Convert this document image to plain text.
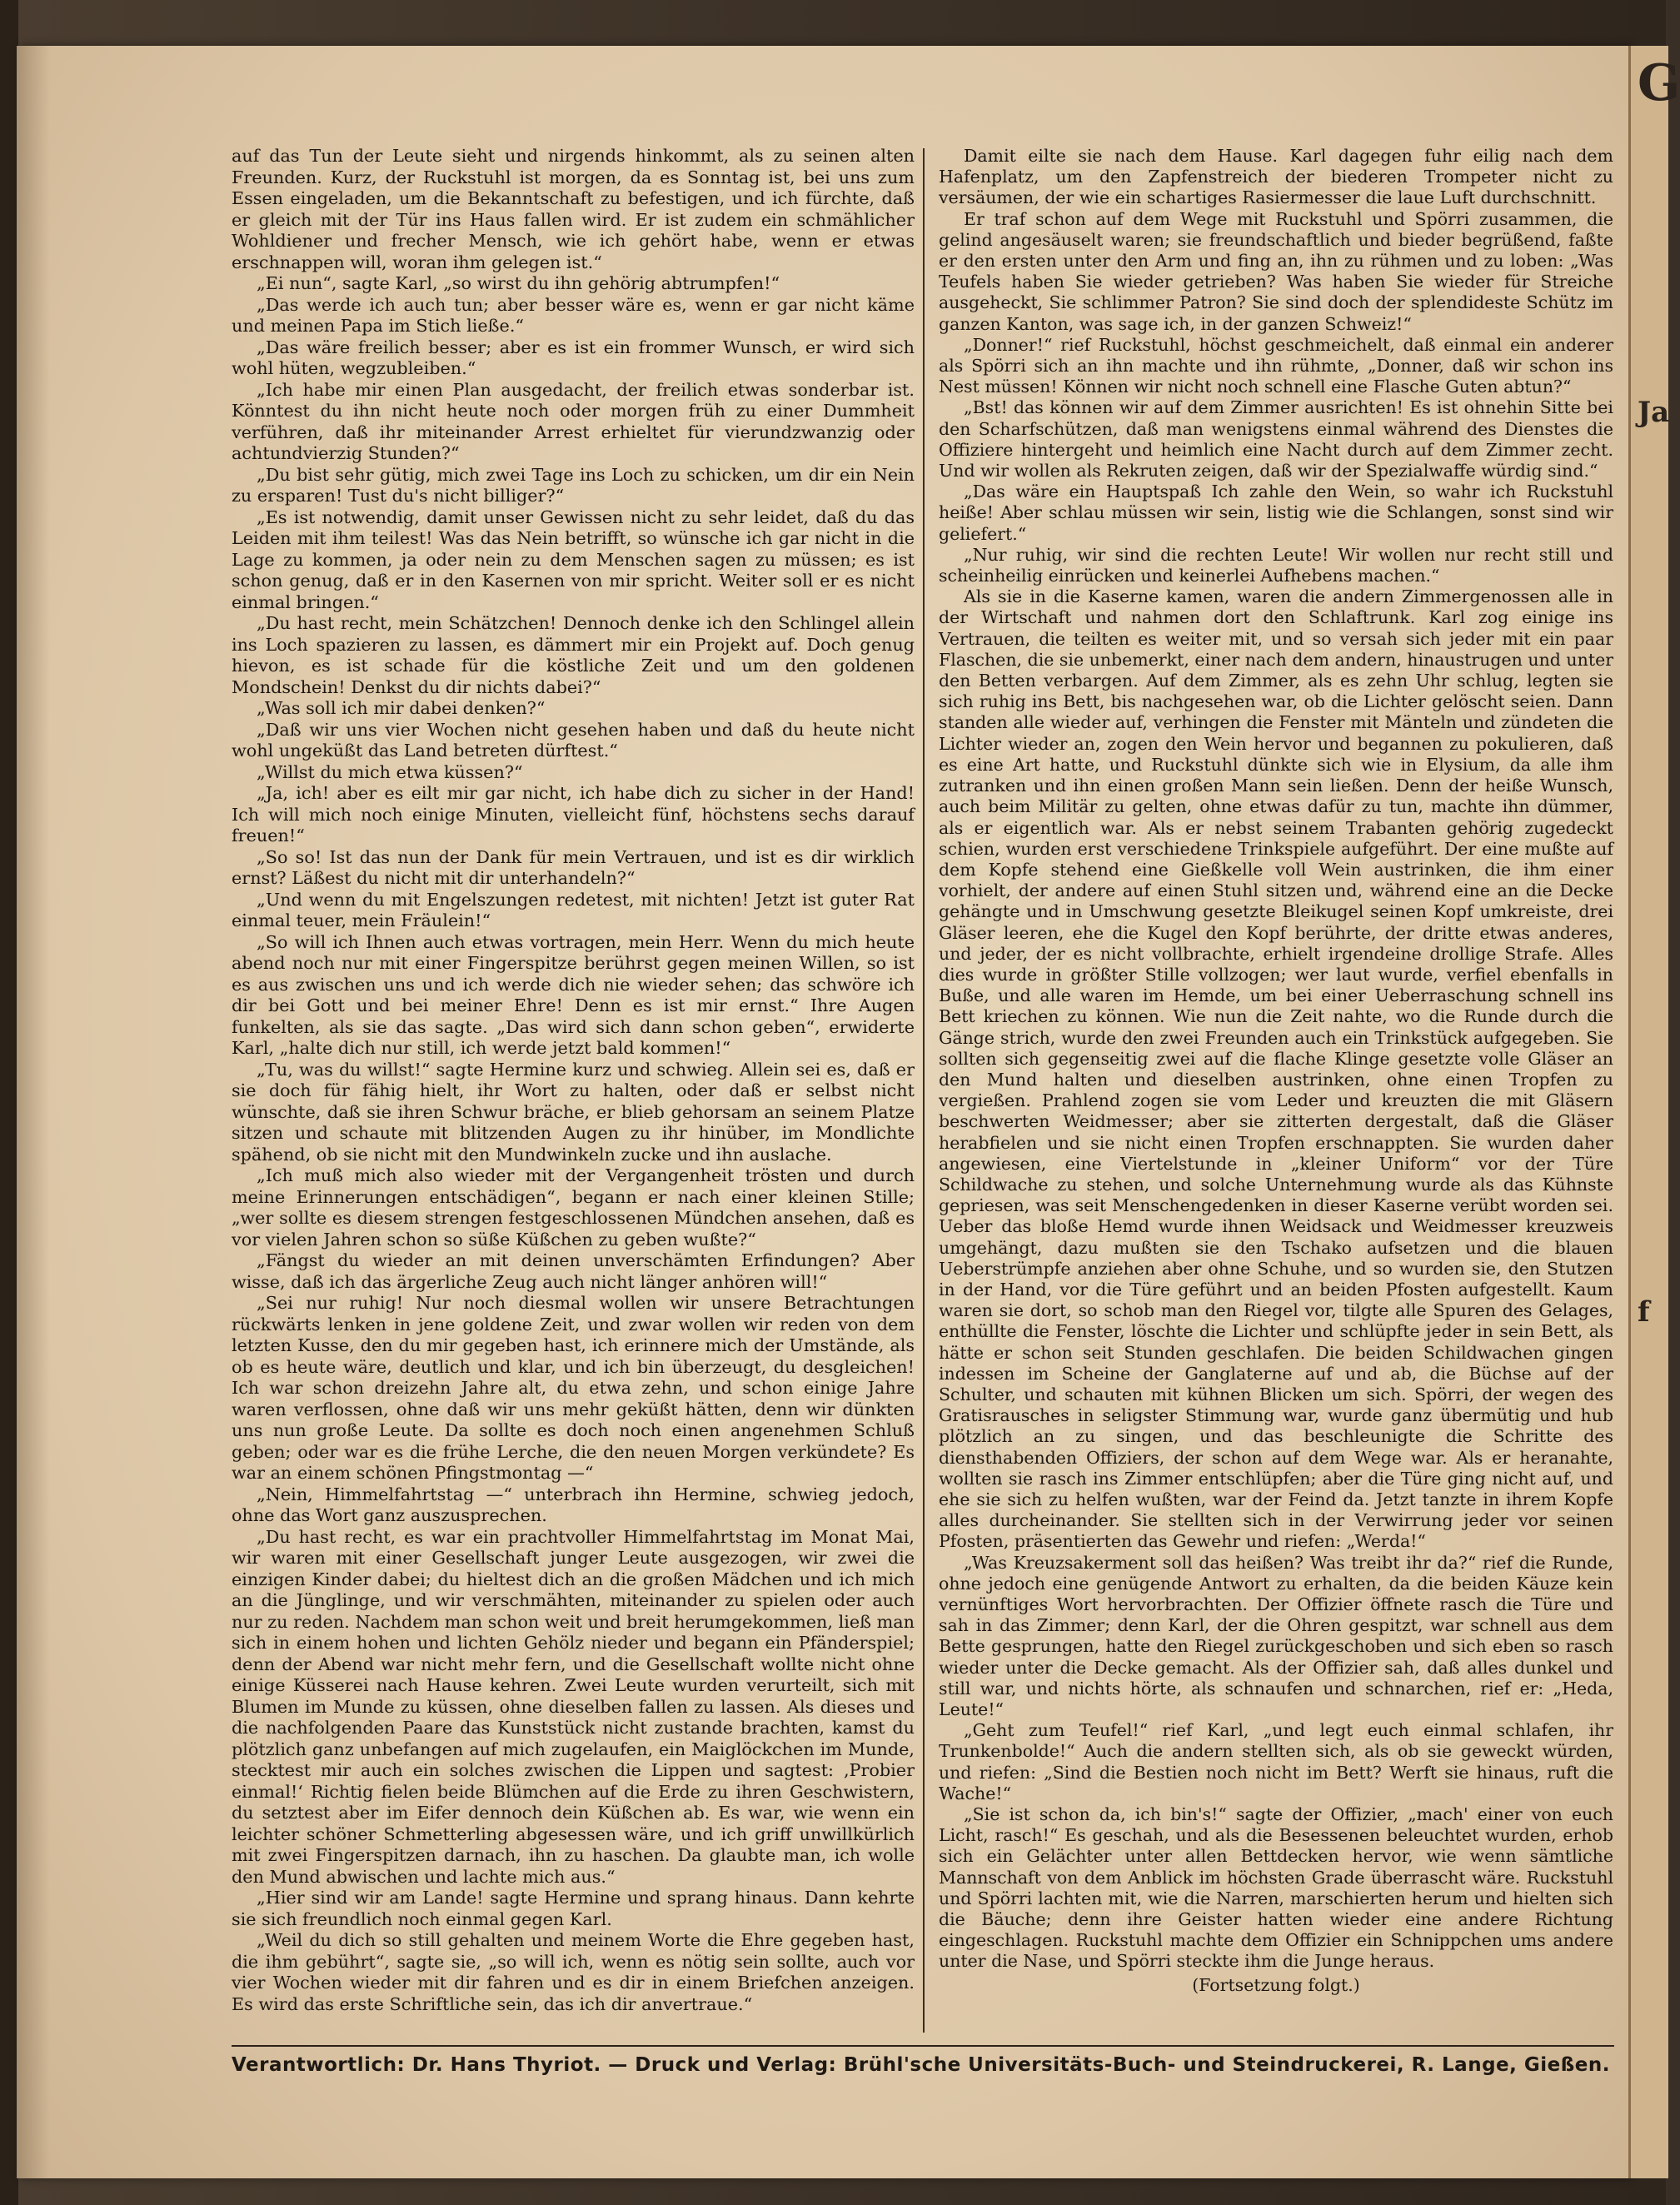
G
Ja
f

auf das Tun der Leute sieht und nirgends hinkommt, als zu seinen alten Freunden. Kurz, der Ruckstuhl ist morgen, da es Sonntag ist, bei uns zum Essen eingeladen, um die Bekanntschaft zu befestigen, und ich fürchte, daß er gleich mit der Tür ins Haus fallen wird. Er ist zudem ein schmählicher Wohldiener und frecher Mensch, wie ich gehört habe, wenn er etwas erschnappen will, woran ihm gelegen ist.“

„Ei nun“, sagte Karl, „so wirst du ihn gehörig abtrumpfen!“

„Das werde ich auch tun; aber besser wäre es, wenn er gar nicht käme und meinen Papa im Stich ließe.“

„Das wäre freilich besser; aber es ist ein frommer Wunsch, er wird sich wohl hüten, wegzubleiben.“

„Ich habe mir einen Plan ausgedacht, der freilich etwas sonderbar ist. Könntest du ihn nicht heute noch oder morgen früh zu einer Dummheit verführen, daß ihr miteinander Arrest erhieltet für vierundzwanzig oder achtundvierzig Stunden?“

„Du bist sehr gütig, mich zwei Tage ins Loch zu schicken, um dir ein Nein zu ersparen! Tust du's nicht billiger?“

„Es ist notwendig, damit unser Gewissen nicht zu sehr leidet, daß du das Leiden mit ihm teilest! Was das Nein betrifft, so wünsche ich gar nicht in die Lage zu kommen, ja oder nein zu dem Menschen sagen zu müssen; es ist schon genug, daß er in den Kasernen von mir spricht. Weiter soll er es nicht einmal bringen.“

„Du hast recht, mein Schätzchen! Dennoch denke ich den Schlingel allein ins Loch spazieren zu lassen, es dämmert mir ein Projekt auf. Doch genug hievon, es ist schade für die köstliche Zeit und um den goldenen Mondschein! Denkst du dir nichts dabei?“

„Was soll ich mir dabei denken?“

„Daß wir uns vier Wochen nicht gesehen haben und daß du heute nicht wohl ungeküßt das Land betreten dürftest.“

„Willst du mich etwa küssen?“

„Ja, ich! aber es eilt mir gar nicht, ich habe dich zu sicher in der Hand! Ich will mich noch einige Minuten, vielleicht fünf, höchstens sechs darauf freuen!“

„So so! Ist das nun der Dank für mein Vertrauen, und ist es dir wirklich ernst? Läßest du nicht mit dir unterhandeln?“

„Und wenn du mit Engelszungen redetest, mit nichten! Jetzt ist guter Rat einmal teuer, mein Fräulein!“

„So will ich Ihnen auch etwas vortragen, mein Herr. Wenn du mich heute abend noch nur mit einer Fingerspitze berührst gegen meinen Willen, so ist es aus zwischen uns und ich werde dich nie wieder sehen; das schwöre ich dir bei Gott und bei meiner Ehre! Denn es ist mir ernst.“ Ihre Augen funkelten, als sie das sagte. „Das wird sich dann schon geben“, erwiderte Karl, „halte dich nur still, ich werde jetzt bald kommen!“

„Tu, was du willst!“ sagte Hermine kurz und schwieg. Allein sei es, daß er sie doch für fähig hielt, ihr Wort zu halten, oder daß er selbst nicht wünschte, daß sie ihren Schwur bräche, er blieb gehorsam an seinem Platze sitzen und schaute mit blitzenden Augen zu ihr hinüber, im Mondlichte spähend, ob sie nicht mit den Mundwinkeln zucke und ihn auslache.

„Ich muß mich also wieder mit der Vergangenheit trösten und durch meine Erinnerungen entschädigen“, begann er nach einer kleinen Stille; „wer sollte es diesem strengen festgeschlossenen Mündchen ansehen, daß es vor vielen Jahren schon so süße Küßchen zu geben wußte?“

„Fängst du wieder an mit deinen unverschämten Erfindungen? Aber wisse, daß ich das ärgerliche Zeug auch nicht länger anhören will!“

„Sei nur ruhig! Nur noch diesmal wollen wir unsere Betrachtungen rückwärts lenken in jene goldene Zeit, und zwar wollen wir reden von dem letzten Kusse, den du mir gegeben hast, ich erinnere mich der Umstände, als ob es heute wäre, deutlich und klar, und ich bin überzeugt, du desgleichen! Ich war schon dreizehn Jahre alt, du etwa zehn, und schon einige Jahre waren verflossen, ohne daß wir uns mehr geküßt hätten, denn wir dünkten uns nun große Leute. Da sollte es doch noch einen angenehmen Schluß geben; oder war es die frühe Lerche, die den neuen Morgen verkündete? Es war an einem schönen Pfingstmontag —“

„Nein, Himmelfahrtstag —“ unterbrach ihn Hermine, schwieg jedoch, ohne das Wort ganz auszusprechen.

„Du hast recht, es war ein prachtvoller Himmelfahrtstag im Monat Mai, wir waren mit einer Gesellschaft junger Leute ausgezogen, wir zwei die einzigen Kinder dabei; du hieltest dich an die großen Mädchen und ich mich an die Jünglinge, und wir verschmähten, miteinander zu spielen oder auch nur zu reden. Nachdem man schon weit und breit herumgekommen, ließ man sich in einem hohen und lichten Gehölz nieder und begann ein Pfänderspiel; denn der Abend war nicht mehr fern, und die Gesellschaft wollte nicht ohne einige Küsserei nach Hause kehren. Zwei Leute wurden verurteilt, sich mit Blumen im Munde zu küssen, ohne dieselben fallen zu lassen. Als dieses und die nachfolgenden Paare das Kunststück nicht zustande brachten, kamst du plötzlich ganz unbefangen auf mich zugelaufen, ein Maiglöckchen im Munde, stecktest mir auch ein solches zwischen die Lippen und sagtest: ‚Probier einmal!‘ Richtig fielen beide Blümchen auf die Erde zu ihren Geschwistern, du setztest aber im Eifer dennoch dein Küßchen ab. Es war, wie wenn ein leichter schöner Schmetterling abgesessen wäre, und ich griff unwillkürlich mit zwei Fingerspitzen darnach, ihn zu haschen. Da glaubte man, ich wolle den Mund abwischen und lachte mich aus.“

„Hier sind wir am Lande! sagte Hermine und sprang hinaus. Dann kehrte sie sich freundlich noch einmal gegen Karl.

„Weil du dich so still gehalten und meinem Worte die Ehre gegeben hast, die ihm gebührt“, sagte sie, „so will ich, wenn es nötig sein sollte, auch vor vier Wochen wieder mit dir fahren und es dir in einem Briefchen anzeigen. Es wird das erste Schriftliche sein, das ich dir anvertraue.“

Damit eilte sie nach dem Hause. Karl dagegen fuhr eilig nach dem Hafenplatz, um den Zapfenstreich der biederen Trompeter nicht zu versäumen, der wie ein schartiges Rasiermesser die laue Luft durchschnitt.

Er traf schon auf dem Wege mit Ruckstuhl und Spörri zusammen, die gelind angesäuselt waren; sie freundschaftlich und bieder begrüßend, faßte er den ersten unter den Arm und fing an, ihn zu rühmen und zu loben: „Was Teufels haben Sie wieder getrieben? Was haben Sie wieder für Streiche ausgeheckt, Sie schlimmer Patron? Sie sind doch der splendideste Schütz im ganzen Kanton, was sage ich, in der ganzen Schweiz!“

„Donner!“ rief Ruckstuhl, höchst geschmeichelt, daß einmal ein anderer als Spörri sich an ihn machte und ihn rühmte, „Donner, daß wir schon ins Nest müssen! Können wir nicht noch schnell eine Flasche Guten abtun?“

„Bst! das können wir auf dem Zimmer ausrichten! Es ist ohnehin Sitte bei den Scharfschützen, daß man wenigstens einmal während des Dienstes die Offiziere hintergeht und heimlich eine Nacht durch auf dem Zimmer zecht. Und wir wollen als Rekruten zeigen, daß wir der Spezialwaffe würdig sind.“

„Das wäre ein Hauptspaß Ich zahle den Wein, so wahr ich Ruckstuhl heiße! Aber schlau müssen wir sein, listig wie die Schlangen, sonst sind wir geliefert.“

„Nur ruhig, wir sind die rechten Leute! Wir wollen nur recht still und scheinheilig einrücken und keinerlei Aufhebens machen.“

Als sie in die Kaserne kamen, waren die andern Zimmergenossen alle in der Wirtschaft und nahmen dort den Schlaftrunk. Karl zog einige ins Vertrauen, die teilten es weiter mit, und so versah sich jeder mit ein paar Flaschen, die sie unbemerkt, einer nach dem andern, hinaustrugen und unter den Betten verbargen. Auf dem Zimmer, als es zehn Uhr schlug, legten sie sich ruhig ins Bett, bis nachgesehen war, ob die Lichter gelöscht seien. Dann standen alle wieder auf, verhingen die Fenster mit Mänteln und zündeten die Lichter wieder an, zogen den Wein hervor und begannen zu pokulieren, daß es eine Art hatte, und Ruckstuhl dünkte sich wie in Elysium, da alle ihm zutranken und ihn einen großen Mann sein ließen. Denn der heiße Wunsch, auch beim Militär zu gelten, ohne etwas dafür zu tun, machte ihn dümmer, als er eigentlich war. Als er nebst seinem Trabanten gehörig zugedeckt schien, wurden erst verschiedene Trinkspiele aufgeführt. Der eine mußte auf dem Kopfe stehend eine Gießkelle voll Wein austrinken, die ihm einer vorhielt, der andere auf einen Stuhl sitzen und, während eine an die Decke gehängte und in Umschwung gesetzte Bleikugel seinen Kopf umkreiste, drei Gläser leeren, ehe die Kugel den Kopf berührte, der dritte etwas anderes, und jeder, der es nicht vollbrachte, erhielt irgendeine drollige Strafe. Alles dies wurde in größter Stille vollzogen; wer laut wurde, verfiel ebenfalls in Buße, und alle waren im Hemde, um bei einer Ueberraschung schnell ins Bett kriechen zu können. Wie nun die Zeit nahte, wo die Runde durch die Gänge strich, wurde den zwei Freunden auch ein Trinkstück aufgegeben. Sie sollten sich gegenseitig zwei auf die flache Klinge gesetzte volle Gläser an den Mund halten und dieselben austrinken, ohne einen Tropfen zu vergießen. Prahlend zogen sie vom Leder und kreuzten die mit Gläsern beschwerten Weidmesser; aber sie zitterten dergestalt, daß die Gläser herabfielen und sie nicht einen Tropfen erschnappten. Sie wurden daher angewiesen, eine Viertelstunde in „kleiner Uniform“ vor der Türe Schildwache zu stehen, und solche Unternehmung wurde als das Kühnste gepriesen, was seit Menschengedenken in dieser Kaserne verübt worden sei. Ueber das bloße Hemd wurde ihnen Weidsack und Weidmesser kreuzweis umgehängt, dazu mußten sie den Tschako aufsetzen und die blauen Ueberstrümpfe anziehen aber ohne Schuhe, und so wurden sie, den Stutzen in der Hand, vor die Türe geführt und an beiden Pfosten aufgestellt. Kaum waren sie dort, so schob man den Riegel vor, tilgte alle Spuren des Gelages, enthüllte die Fenster, löschte die Lichter und schlüpfte jeder in sein Bett, als hätte er schon seit Stunden geschlafen. Die beiden Schildwachen gingen indessen im Scheine der Ganglaterne auf und ab, die Büchse auf der Schulter, und schauten mit kühnen Blicken um sich. Spörri, der wegen des Gratisrausches in seligster Stimmung war, wurde ganz übermütig und hub plötzlich an zu singen, und das beschleunigte die Schritte des diensthabenden Offiziers, der schon auf dem Wege war. Als er heranahte, wollten sie rasch ins Zimmer entschlüpfen; aber die Türe ging nicht auf, und ehe sie sich zu helfen wußten, war der Feind da. Jetzt tanzte in ihrem Kopfe alles durcheinander. Sie stellten sich in der Verwirrung jeder vor seinen Pfosten, präsentierten das Gewehr und riefen: „Werda!“

„Was Kreuzsakerment soll das heißen? Was treibt ihr da?“ rief die Runde, ohne jedoch eine genügende Antwort zu erhalten, da die beiden Käuze kein vernünftiges Wort hervorbrachten. Der Offizier öffnete rasch die Türe und sah in das Zimmer; denn Karl, der die Ohren gespitzt, war schnell aus dem Bette gesprungen, hatte den Riegel zurückgeschoben und sich eben so rasch wieder unter die Decke gemacht. Als der Offizier sah, daß alles dunkel und still war, und nichts hörte, als schnaufen und schnarchen, rief er: „Heda, Leute!“

„Geht zum Teufel!“ rief Karl, „und legt euch einmal schlafen, ihr Trunkenbolde!“ Auch die andern stellten sich, als ob sie geweckt würden, und riefen: „Sind die Bestien noch nicht im Bett? Werft sie hinaus, ruft die Wache!“

„Sie ist schon da, ich bin's!“ sagte der Offizier, „mach' einer von euch Licht, rasch!“ Es geschah, und als die Besessenen beleuchtet wurden, erhob sich ein Gelächter unter allen Bettdecken hervor, wie wenn sämtliche Mannschaft von dem Anblick im höchsten Grade überrascht wäre. Ruckstuhl und Spörri lachten mit, wie die Narren, marschierten herum und hielten sich die Bäuche; denn ihre Geister hatten wieder eine andere Richtung eingeschlagen. Ruckstuhl machte dem Offizier ein Schnippchen ums andere unter die Nase, und Spörri steckte ihm die Junge heraus.

(Fortsetzung folgt.)

Verantwortlich: Dr. Hans Thyriot. — Druck und Verlag: Brühl'sche Universitäts-Buch- und Steindruckerei, R. Lange, Gießen.
